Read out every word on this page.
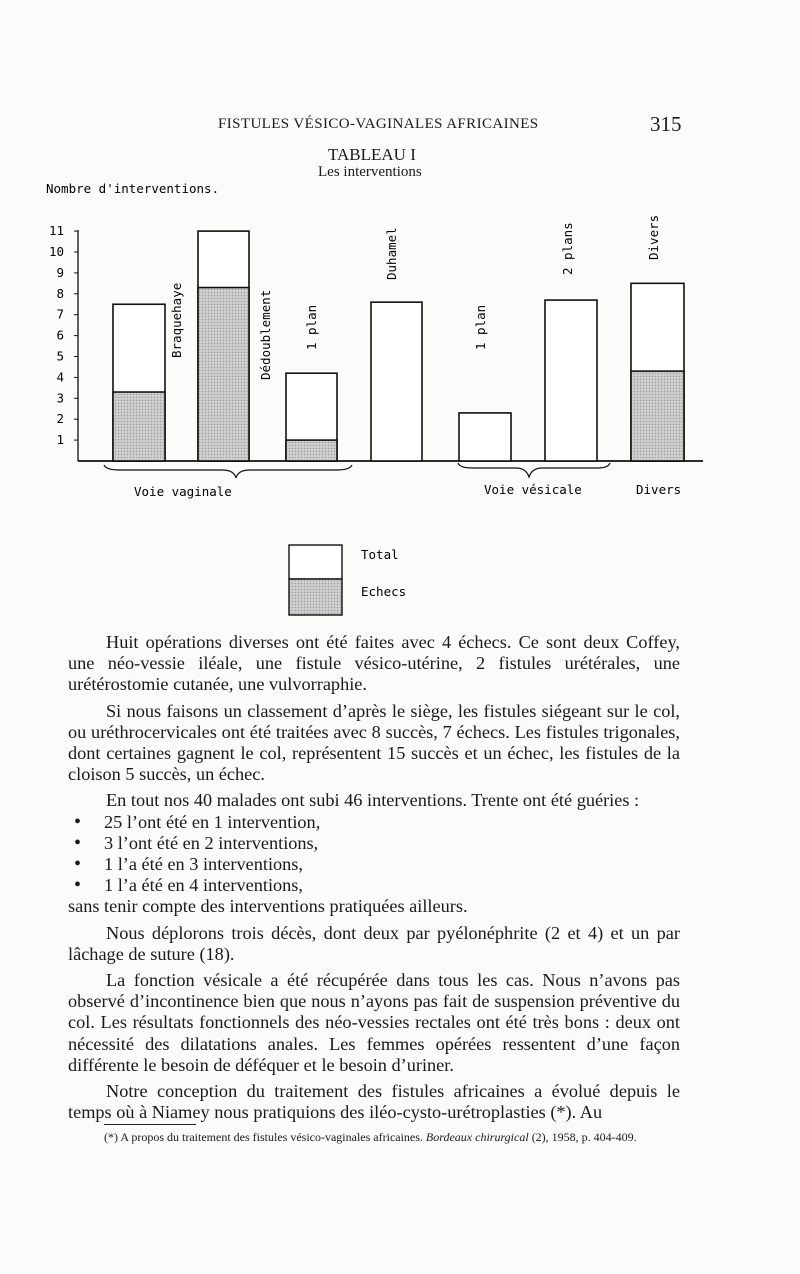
FISTULES VÉSICO-VAGINALES AFRICAINES	315
TABLEAU I
Les interventions
Nombre d'interventions.
1
2
3
4
5
6
7
8
9
10
11
Braquehaye	Dédoublement 1 plan
Duhamel
1 plan
2 plans	Divers
Voie vaginale	Voie vésicale	Divers
Total
Echecs

Huit opérations diverses ont été faites avec 4 échecs. Ce sont deux Coffey, une néo-vessie iléale, une fistule vésico-utérine, 2 fistules urétérales, une urétérostomie cutanée, une vulvorraphie.

Si nous faisons un classement d’après le siège, les fistules siégeant sur le col, ou uréthrocervicales ont été traitées avec 8 succès, 7 échecs. Les fistules trigonales, dont certaines gagnent le col, représentent 15 succès et un échec, les fistules de la cloison 5 succès, un échec.

En tout nos 40 malades ont subi 46 interventions. Trente ont été guéries :

• 25 l’ont été en 1 intervention,
• 3 l’ont été en 2 interventions,
• 1 l’a été en 3 interventions,
• 1 l’a été en 4 interventions,

sans tenir compte des interventions pratiquées ailleurs.

Nous déplorons trois décès, dont deux par pyélonéphrite (2 et 4) et un par lâchage de suture (18).

La fonction vésicale a été récupérée dans tous les cas. Nous n’avons pas observé d’incontinence bien que nous n’ayons pas fait de suspension préventive du col. Les résultats fonctionnels des néo-vessies rectales ont été très bons : deux ont nécessité des dilatations anales. Les femmes opérées ressentent d’une façon différente le besoin de déféquer et le besoin d’uriner.

Notre conception du traitement des fistules africaines a évolué depuis le temps où à Niamey nous pratiquions des iléo-cysto-urétroplasties (*). Au

(*) A propos du traitement des fistules vésico-vaginales africaines. Bordeaux chirurgical (2), 1958, p. 404-409.
